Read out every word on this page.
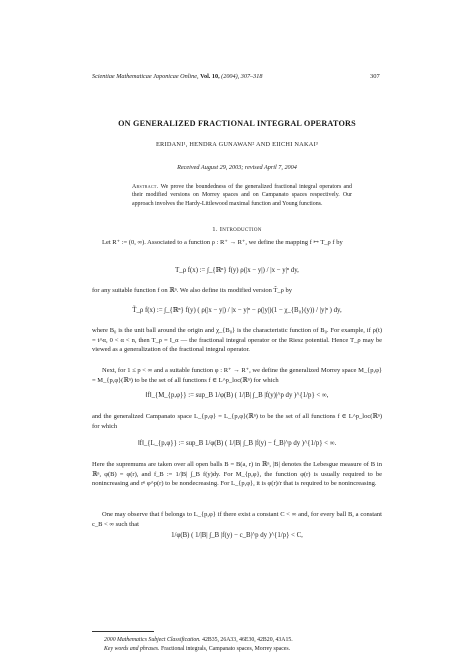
Scientiae Mathematicae Japonicae Online, Vol. 10, (2004), 307–318	307
ON GENERALIZED FRACTIONAL INTEGRAL OPERATORS
ERIDANI¹, HENDRA GUNAWAN² AND EIICHI NAKAI³
Received August 29, 2003; revised April 7, 2004
Abstract. We prove the boundedness of the generalized fractional integral operators and their modified versions on Morrey spaces and on Campanato spaces respectively. Our approach involves the Hardy-Littlewood maximal function and Young functions.
1. Introduction
Let R⁺ := (0, ∞). Associated to a function ρ : R⁺ → R⁺, we define the mapping f ↦ T_ρ f by
T_ρ f(x) := ∫_{ℝⁿ} f(y) ρ(|x − y|) / |x − y|ⁿ dy,
for any suitable function f on ℝⁿ. We also define its modified version T̃_ρ by
T̃_ρ f(x) := ∫_{ℝⁿ} f(y) ( ρ(|x − y|) / |x − y|ⁿ − ρ(|y|)(1 − χ_{B₀}(y)) / |y|ⁿ ) dy,
where B₀ is the unit ball around the origin and χ_{B₀} is the characteristic function of B₀. For example, if ρ(t) = t^α, 0 < α < n, then T_ρ = I_α — the fractional integral operator or the Riesz potential. Hence T_ρ may be viewed as a generalization of the fractional integral operator.
Next, for 1 ≤ p < ∞ and a suitable function φ : R⁺ → R⁺, we define the generalized Morrey space M_{p,φ} = M_{p,φ}(ℝⁿ) to be the set of all functions f ∈ L^p_loc(ℝⁿ) for which
‖f‖_{M_{p,φ}} := sup_B 1/φ(B) ( 1/|B| ∫_B |f(y)|^p dy )^{1/p} < ∞,
and the generalized Campanato space L_{p,φ} = L_{p,φ}(ℝⁿ) to be the set of all functions f ∈ L^p_loc(ℝⁿ) for which
‖f‖_{L_{p,φ}} := sup_B 1/φ(B) ( 1/|B| ∫_B |f(y) − f_B|^p dy )^{1/p} < ∞.
Here the supremums are taken over all open balls B = B(a, r) in ℝⁿ, |B| denotes the Lebesgue measure of B in ℝⁿ, φ(B) = φ(r), and f_B := 1/|B| ∫_B f(y)dy. For M_{p,φ}, the function φ(r) is usually required to be nonincreasing and rⁿ φ^p(r) to be nondecreasing. For L_{p,φ}, it is φ(r)/r that is required to be nonincreasing.
One may observe that f belongs to L_{p,φ} if there exist a constant C < ∞ and, for every ball B, a constant c_B < ∞ such that
1/φ(B) ( 1/|B| ∫_B |f(y) − c_B|^p dy )^{1/p} < C,
2000 Mathematics Subject Classification. 42B35, 26A33, 46E30, 42B20, 43A15.
Key words and phrases. Fractional integrals, Campanato spaces, Morrey spaces.
